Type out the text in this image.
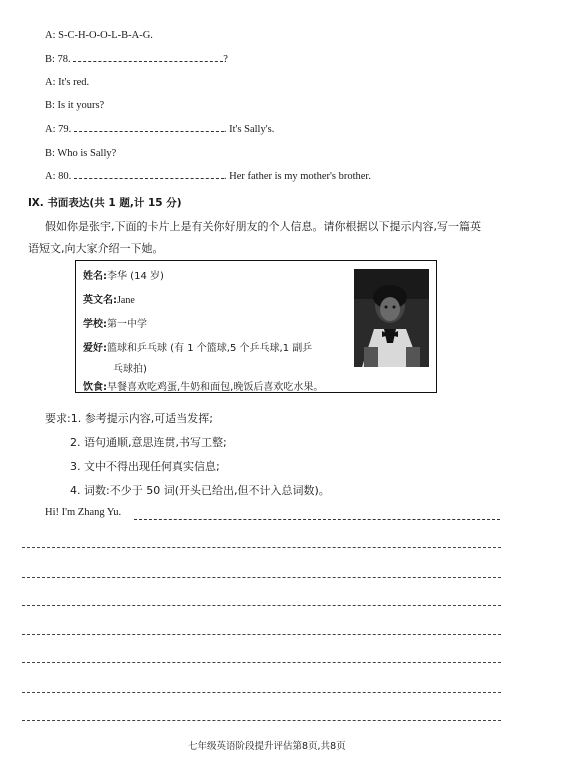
A: S-C-H-O-O-L-B-A-G.
B: 78.	?
A: It's red.
B: Is it yours?
A: 79.	. It's Sally's.
B: Who is Sally?
A: 80.	. Her father is my mother's brother.
Ⅸ. 书面表达(共 1 题,计 15 分)
假如你是张宇,下面的卡片上是有关你好朋友的个人信息。请你根据以下提示内容,写一篇英
语短文,向大家介绍一下她。
姓名:李华 (14 岁)
英文名:Jane
学校:第一中学
爱好:篮球和乒乓球 (有 1 个篮球,5 个乒乓球,1 副乒
乓球拍)
饮食:早餐喜欢吃鸡蛋,牛奶和面包,晚饭后喜欢吃水果。
要求:1. 参考提示内容,可适当发挥;
2. 语句通顺,意思连贯,书写工整;
3. 文中不得出现任何真实信息;
4. 词数:不少于 50 词(开头已给出,但不计入总词数)。
Hi! I'm Zhang Yu.
七年级英语阶段提升评估第8页,共8页
